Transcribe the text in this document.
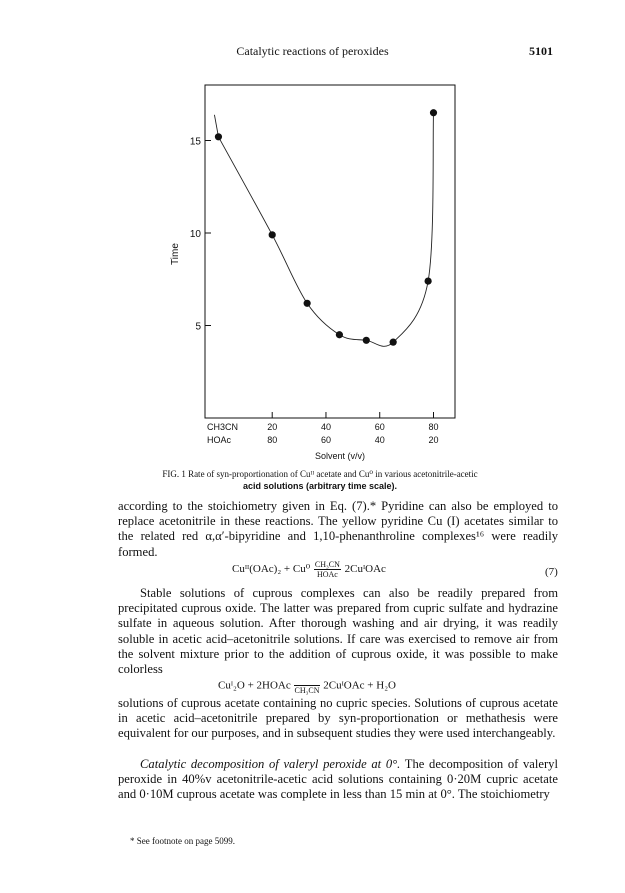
Catalytic reactions of peroxides	5101
5
10
15
Time
CH3CN	20	40	60	80
HOAc	80	60	40	20
Solvent (v/v)
FIG. 1 Rate of syn-proportionation of Cuᴵᴵ acetate and Cu⁰ in various acetonitrile-acetic
acid solutions (arbitrary time scale).
according to the stoichiometry given in Eq. (7).* Pyridine can also be employed to replace acetonitrile in these reactions. The yellow pyridine Cu (I) acetates similar to the related red α,α′-bipyridine and 1,10-phenanthroline complexes¹⁶ were readily formed.
Cuᴵᴵ(OAc)₂ + Cu⁰ CH₃CN
HOAc 2CuᴵOAc	(7)
Stable solutions of cuprous complexes can also be readily prepared from precipitated cuprous oxide. The latter was prepared from cupric sulfate and hydrazine sulfate in aqueous solution. After thorough washing and air drying, it was readily soluble in acetic acid–acetonitrile solutions. If care was exercised to remove air from the solvent mixture prior to the addition of cuprous oxide, it was possible to make colorless
Cuᴵ₂O + 2HOAc CH₃CN 2CuᴵOAc + H₂O
solutions of cuprous acetate containing no cupric species. Solutions of cuprous acetate in acetic acid–acetonitrile prepared by syn-proportionation or methathesis were equivalent for our purposes, and in subsequent studies they were used interchangeably.
Catalytic decomposition of valeryl peroxide at 0°. The decomposition of valeryl peroxide in 40%v acetonitrile-acetic acid solutions containing 0·20M cupric acetate and 0·10M cuprous acetate was complete in less than 15 min at 0°. The stoichiometry
* See footnote on page 5099.
